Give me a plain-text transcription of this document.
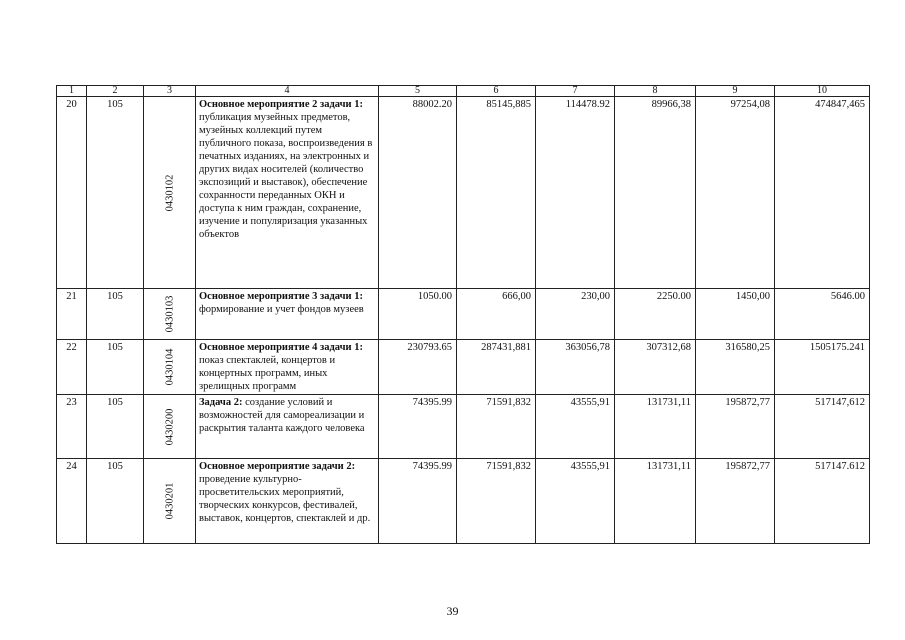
1	2	3	4	5	6	7	8	9	10
20	105	0430102	Основное мероприятие 2 задачи 1: публикация музейных предметов, музейных коллекций путем публичного показа, воспроизведения в печатных изданиях, на электронных и других видах носителей (количество экспозиций и выставок), обеспечение сохранности переданных ОКН и доступа к ним граждан, сохранение, изучение и популяризация указанных объектов	88002.20	85145,885	114478.92	89966,38	97254,08	474847,465
21	105	0430103	Основное мероприятие 3 задачи 1: формирование и учет фондов музеев	1050.00	666,00	230,00	2250.00	1450,00	5646.00
22	105	0430104	Основное мероприятие 4 задачи 1: показ спектаклей, концертов и концертных программ, иных зрелищных программ	230793.65	287431,881	363056,78	307312,68	316580,25	1505175.241
23	105	0430200	Задача 2: создание условий и возможностей для самореализации и раскрытия таланта каждого человека	74395.99	71591,832	43555,91	131731,11	195872,77	517147,612
24	105	0430201	Основное мероприятие задачи 2: проведение культурно-просветительских мероприятий, творческих конкурсов, фестивалей, выставок, концертов, спектаклей и др.	74395.99	71591,832	43555,91	131731,11	195872,77	517147.612
39
